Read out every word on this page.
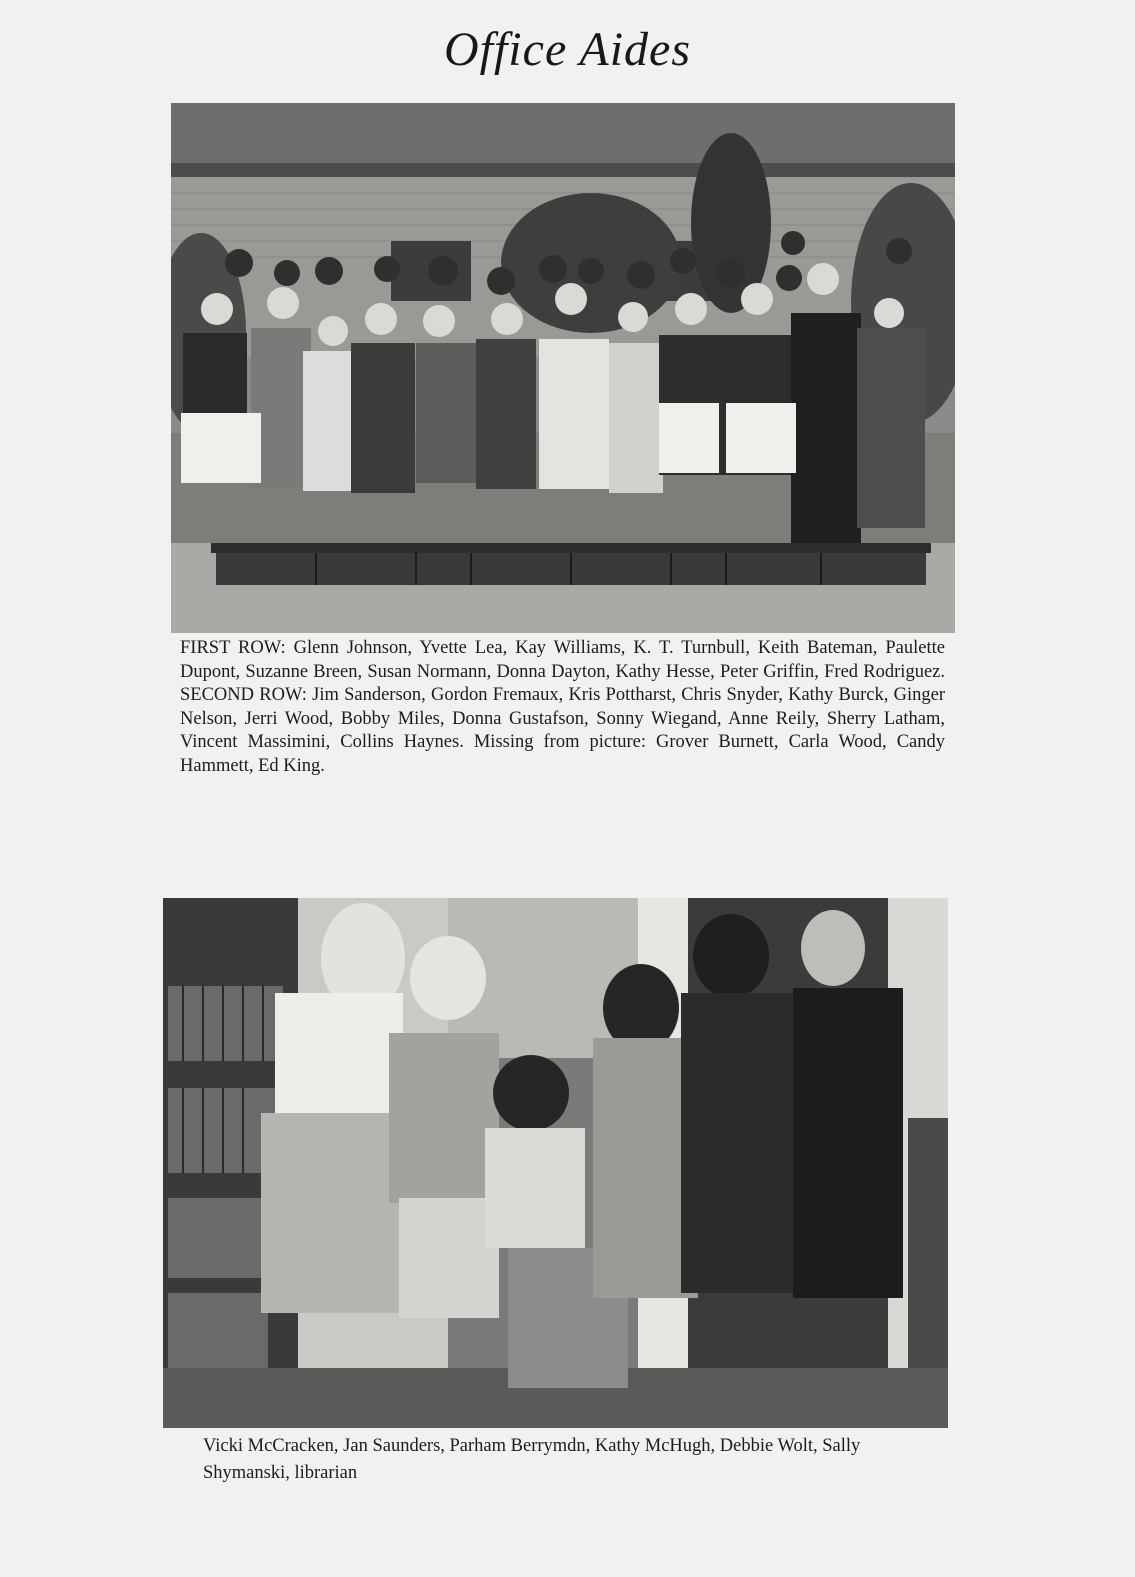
Office Aides

FIRST ROW: Glenn Johnson, Yvette Lea, Kay Williams, K. T. Turnbull, Keith Bateman, Paulette Dupont, Suzanne Breen, Susan Normann, Donna Dayton, Kathy Hesse, Peter Griffin, Fred Rodriguez. SECOND ROW: Jim Sanderson, Gordon Fremaux, Kris Pottharst, Chris Snyder, Kathy Burck, Ginger Nelson, Jerri Wood, Bobby Miles, Donna Gustafson, Sonny Wiegand, Anne Reily, Sherry Latham, Vincent Massimini, Collins Haynes. Missing from picture: Grover Burnett, Carla Wood, Candy Hammett, Ed King.

Vicki McCracken, Jan Saunders, Parham Berrymdn, Kathy McHugh, Debbie Wolt, Sally Shymanski, librarian
